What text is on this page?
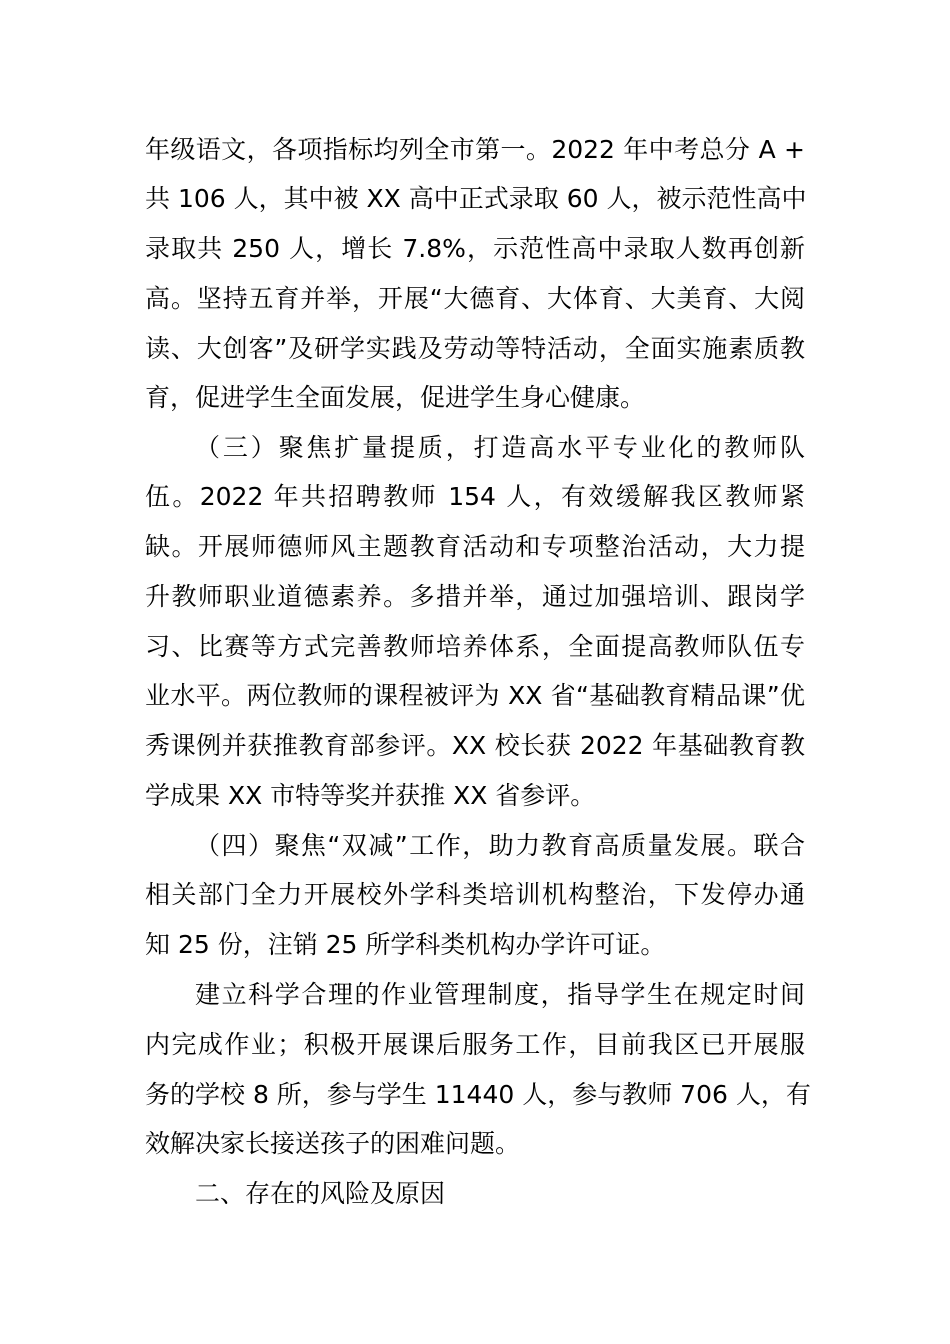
年级语文，各项指标均列全市第一。2022 年中考总分 A +
共 106 人，其中被 XX 高中正式录取 60 人，被示范性高中
录取共 250 人，增长 7.8%，示范性高中录取人数再创新
高。坚持五育并举，开展“大德育、大体育、大美育、大阅
读、大创客”及研学实践及劳动等特活动，全面实施素质教
育，促进学生全面发展，促进学生身心健康。
（三）聚焦扩量提质，打造高水平专业化的教师队
伍。2022 年共招聘教师 154 人，有效缓解我区教师紧
缺。开展师德师风主题教育活动和专项整治活动，大力提
升教师职业道德素养。多措并举，通过加强培训、跟岗学
习、比赛等方式完善教师培养体系，全面提高教师队伍专
业水平。两位教师的课程被评为 XX 省“基础教育精品课”优
秀课例并获推教育部参评。XX 校长获 2022 年基础教育教
学成果 XX 市特等奖并获推 XX 省参评。
（四）聚焦“双减”工作，助力教育高质量发展。联合
相关部门全力开展校外学科类培训机构整治，下发停办通
知 25 份，注销 25 所学科类机构办学许可证。
建立科学合理的作业管理制度，指导学生在规定时间
内完成作业；积极开展课后服务工作，目前我区已开展服
务的学校 8 所，参与学生 11440 人，参与教师 706 人，有
效解决家长接送孩子的困难问题。
二、存在的风险及原因
